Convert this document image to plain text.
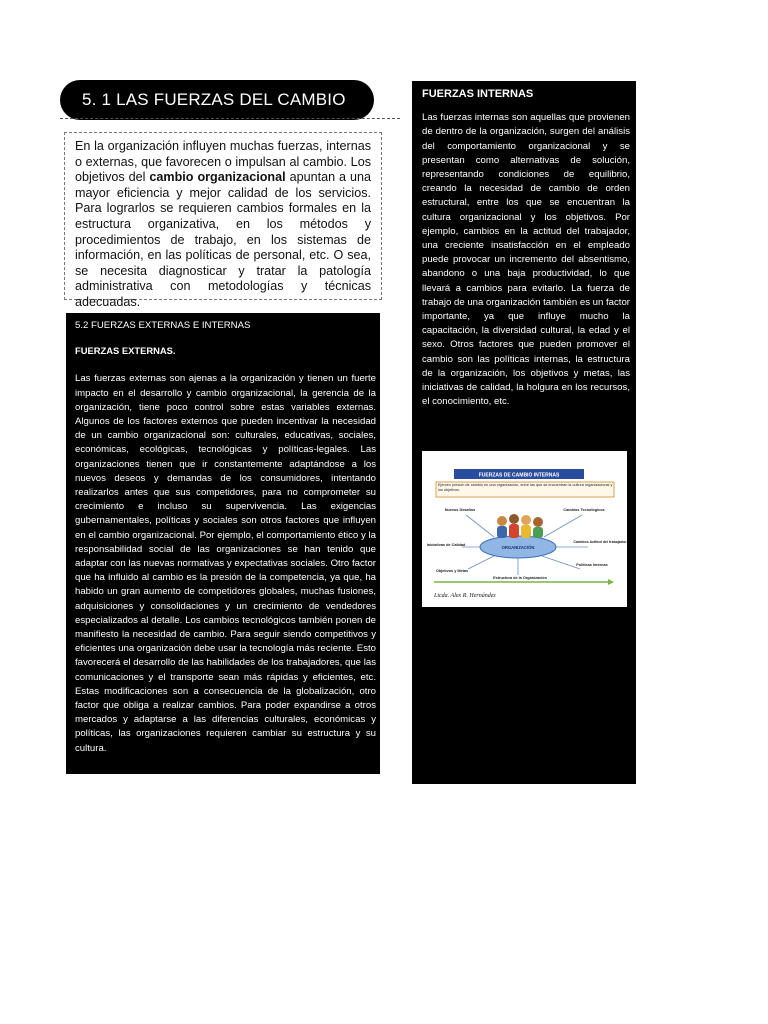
5. 1 LAS FUERZAS DEL CAMBIO
En la organización influyen muchas fuerzas, internas o externas, que favorecen o impulsan al cambio. Los objetivos del cambio organizacional apuntan a una mayor eficiencia y mejor calidad de los servicios. Para lograrlos se requieren cambios formales en la estructura organizativa, en los métodos y procedimientos de trabajo, en los sistemas de información, en las políticas de personal, etc. O sea, se necesita diagnosticar y tratar la patología administrativa con metodologías y técnicas adecuadas.
5.2 FUERZAS EXTERNAS E INTERNAS
FUERZAS EXTERNAS.

Las fuerzas externas son ajenas a la organización y tienen un fuerte impacto en el desarrollo y cambio organizacional, la gerencia de la organización, tiene poco control sobre estas variables externas. Algunos de los factores externos que pueden incentivar la necesidad de un cambio organizacional son: culturales, educativas, sociales, económicas, ecológicas, tecnológicas y políticas-legales. Las organizaciones tienen que ir constantemente adaptándose a los nuevos deseos y demandas de los consumidores, intentando realizarlos antes que sus competidores, para no comprometer su crecimiento e incluso su supervivencia. Las exigencias gubernamentales, políticas y sociales son otros factores que influyen en el cambio organizacional. Por ejemplo, el comportamiento ético y la responsabilidad social de las organizaciones se han tenido que adaptar con las nuevas normativas y expectativas sociales. Otro factor que ha influido al cambio es la presión de la competencia, ya que, ha habido un gran aumento de competidores globales, muchas fusiones, adquisiciones y consolidaciones y un crecimiento de vendedores especializados al detalle. Los cambios tecnológicos también ponen de manifiesto la necesidad de cambio. Para seguir siendo competitivos y eficientes una organización debe usar la tecnología más reciente. Esto favorecerá el desarrollo de las habilidades de los trabajadores, que las comunicaciones y el transporte sean más rápidas y eficientes, etc. Estas modificaciones son a consecuencia de la globalización, otro factor que obliga a realizar cambios. Para poder expandirse a otros mercados y adaptarse a las diferencias culturales, económicas y políticas, las organizaciones requieren cambiar su estructura y su cultura.

FUERZAS INTERNAS

Las fuerzas internas son aquellas que provienen de dentro de la organización, surgen del análisis del comportamiento organizacional y se presentan como alternativas de solución, representando condiciones de equilibrio, creando la necesidad de cambio de orden estructural, entre los que se encuentran la cultura organizacional y los objetivos. Por ejemplo, cambios en la actitud del trabajador, una creciente insatisfacción en el empleado puede provocar un incremento del absentismo, abandono o una baja productividad, lo que llevará a cambios para evitarlo. La fuerza de trabajo de una organización también es un factor importante, ya que influye mucho la capacitación, la diversidad cultural, la edad y el sexo. Otros factores que pueden promover el cambio son las políticas internas, la estructura de la organización, los objetivos y metas, las iniciativas de calidad, la holgura en los recursos, el conocimiento, etc.

FUERZAS DE CAMBIO INTERNAS
Ejercen presión de cambio en una organización, entre las que se encuentran la cultura organizacional y los objetivos.
ORGANIZACIÓN
Nuevos Desafíos	Cambios Tecnológicos
Iniciativas de Calidad
Cambios Actitud del trabajador
Objetivos y Metas
Políticas Internas
Estructura de la Organización
Licda. Alex R. Hernández
